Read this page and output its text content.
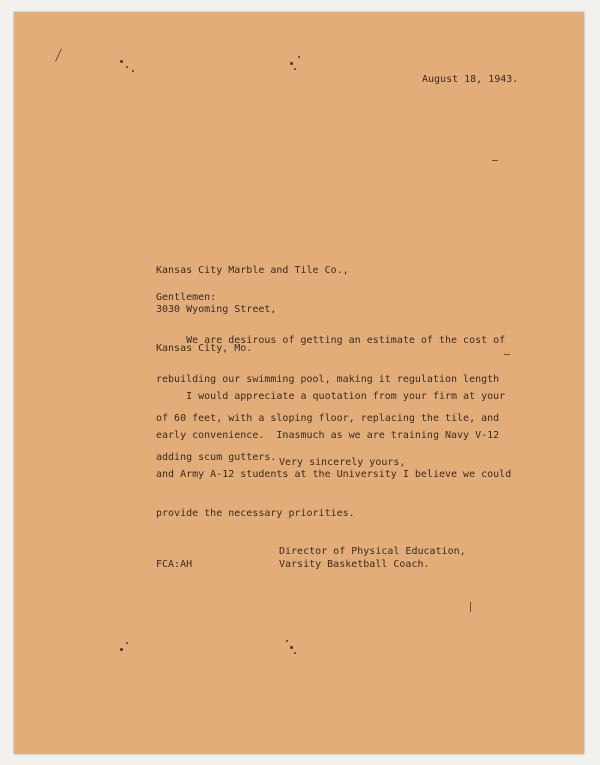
August 18, 1943.

Kansas City Marble and Tile Co.,

3030 Wyoming Street,

Kansas City, Mo.

Gentlemen:

We are desirous of getting an estimate of the cost of

rebuilding our swimming pool, making it regulation length

of 60 feet, with a sloping floor, replacing the tile, and

adding scum gutters.

I would appreciate a quotation from your firm at your

early convenience.  Inasmuch as we are training Navy V-12

and Army A-12 students at the University I believe we could

provide the necessary priorities.

Very sincerely yours,
Director of Physical Education,
Varsity Basketball Coach.
FCA:AH
